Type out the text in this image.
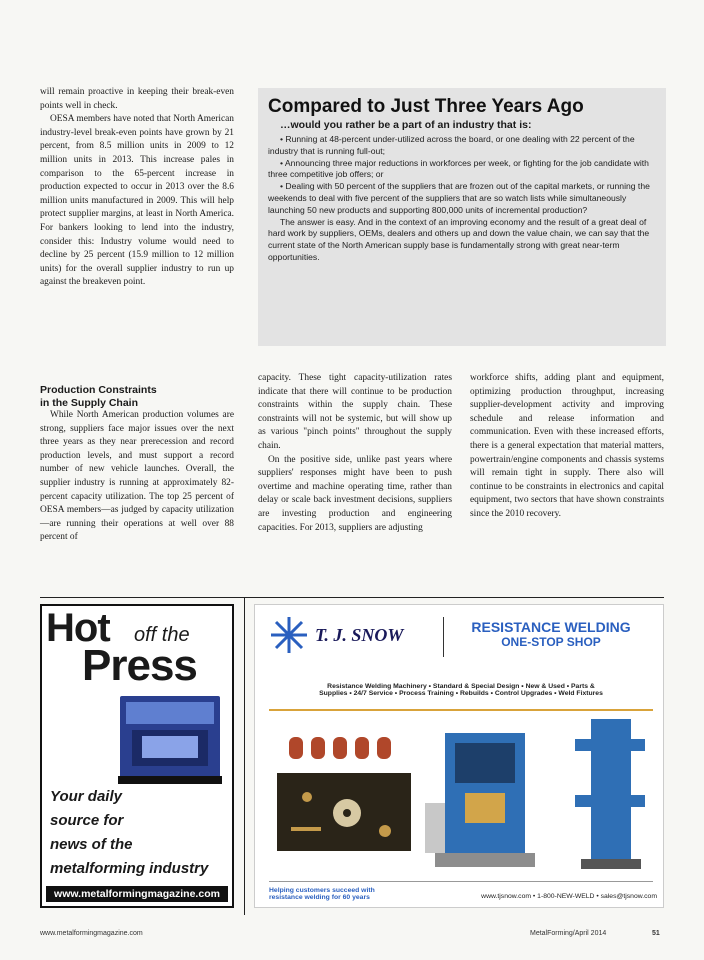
will remain proactive in keeping their break-even points well in check.

OESA members have noted that North American industry-level break-even points have grown by 21 percent, from 8.5 million units in 2009 to 12 million units in 2013. This increase pales in comparison to the 65-percent increase in production expected to occur in 2013 over the 8.6 million units manufactured in 2009. This will help protect supplier margins, at least in North America. For bankers looking to lend into the industry, consider this: Industry volume would need to decline by 25 percent (15.9 million to 12 million units) for the overall supplier industry to run up against the breakeven point.

Production Constraints
in the Supply Chain

While North American production volumes are strong, suppliers face major issues over the next three years as they near prerecession and record production levels, and must support a record number of new vehicle launches. Overall, the supplier industry is running at approximately 82-percent capacity utilization. The top 25 percent of OESA members—as judged by capacity utilization—are running their operations at well over 88 percent of

Compared to Just Three Years Ago
…would you rather be a part of an industry that is:

• Running at 48-percent under-utilized across the board, or one dealing with 22 percent of the industry that is running full-out;

• Announcing three major reductions in workforces per week, or fighting for the job candidate with three competitive job offers; or

• Dealing with 50 percent of the suppliers that are frozen out of the capital markets, or running the weekends to deal with five percent of the suppliers that are so watch lists while simultaneously launching 50 new products and supporting 800,000 units of incremental production?

The answer is easy. And in the context of an improving economy and the result of a great deal of hard work by suppliers, OEMs, dealers and others up and down the value chain, we can say that the current state of the North American supply base is fundamentally strong with great near-term opportunities.

capacity. These tight capacity-utilization rates indicate that there will continue to be production constraints within the supply chain. These constraints will not be systemic, but will show up as various "pinch points" throughout the supply chain.

On the positive side, unlike past years where suppliers' responses might have been to push overtime and machine operating time, rather than delay or scale back investment decisions, suppliers are investing production and engineering capacities. For 2013, suppliers are adjusting

workforce shifts, adding plant and equipment, optimizing production throughput, increasing supplier-development activity and improving schedule and release information and communication. Even with these increased efforts, there is a general expectation that material matters, powertrain/engine components and chassis systems will remain tight in supply. There also will continue to be constraints in electronics and capital equipment, two sectors that have shown constraints since the 2010 recovery.

Hot off the
Press
Your daily
source for
news of the
metalforming industry
www.metalformingmagazine.com
T. J. SNOW	RESISTANCE WELDING
ONE-STOP SHOP
Resistance Welding Machinery • Standard & Special Design • New & Used • Parts &
Supplies • 24/7 Service • Process Training • Rebuilds • Control Upgrades • Weld Fixtures
Helping customers succeed with resistance welding for 60 years	www.tjsnow.com • 1-800-NEW-WELD • sales@tjsnow.com
www.metalformingmagazine.com	MetalForming/April 2014	51
